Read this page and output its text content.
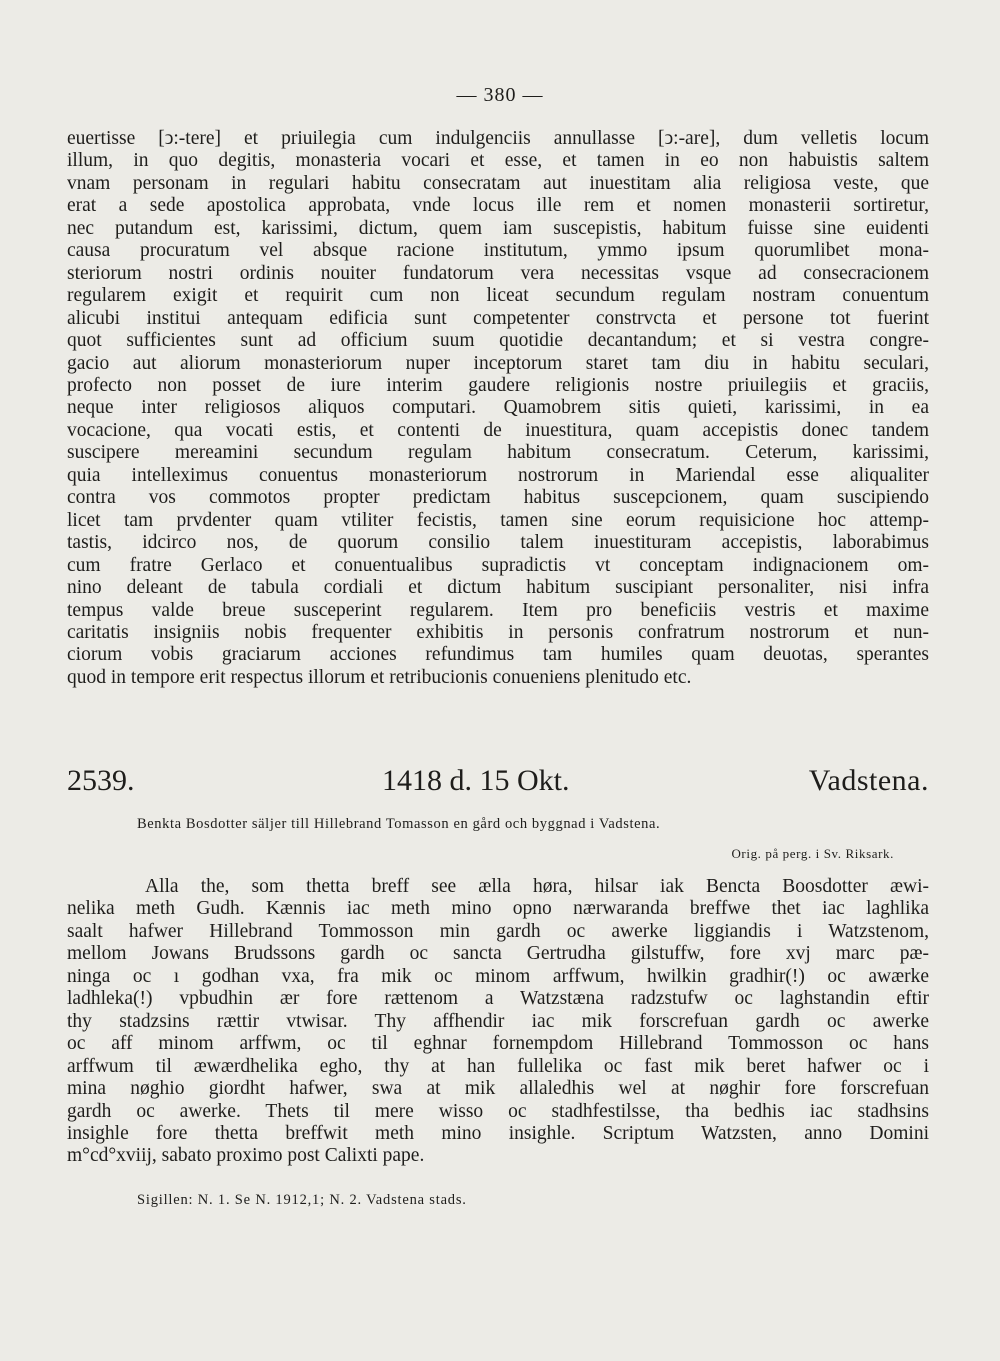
— 380 —

euertisse [ↄ:-tere] et priuilegia cum indulgenciis annullasse [ↄ:-are], dum velletis locum
illum, in quo degitis, monasteria vocari et esse, et tamen in eo non habuistis saltem
vnam personam in regulari habitu consecratam aut inuestitam alia religiosa veste, que
erat a sede apostolica approbata, vnde locus ille rem et nomen monasterii sortiretur,
nec putandum est, karissimi, dictum, quem iam suscepistis, habitum fuisse sine euidenti
causa procuratum vel absque racione institutum, ymmo ipsum quorumlibet mona-
steriorum nostri ordinis nouiter fundatorum vera necessitas vsque ad consecracionem
regularem exigit et requirit cum non liceat secundum regulam nostram conuentum
alicubi institui antequam edificia sunt competenter constrvcta et persone tot fuerint
quot sufficientes sunt ad officium suum quotidie decantandum; et si vestra congre-
gacio aut aliorum monasteriorum nuper inceptorum staret tam diu in habitu seculari,
profecto non posset de iure interim gaudere religionis nostre priuilegiis et graciis,
neque inter religiosos aliquos computari. Quamobrem sitis quieti, karissimi, in ea
vocacione, qua vocati estis, et contenti de inuestitura, quam accepistis donec tandem
suscipere mereamini secundum regulam habitum consecratum. Ceterum, karissimi,
quia intelleximus conuentus monasteriorum nostrorum in Mariendal esse aliqualiter
contra vos commotos propter predictam habitus suscepcionem, quam suscipiendo
licet tam prvdenter quam vtiliter fecistis, tamen sine eorum requisicione hoc attemp-
tastis, idcirco nos, de quorum consilio talem inuestituram accepistis, laborabimus
cum fratre Gerlaco et conuentualibus supradictis vt conceptam indignacionem om-
nino deleant de tabula cordiali et dictum habitum suscipiant personaliter, nisi infra
tempus valde breue susceperint regularem. Item pro beneficiis vestris et maxime
caritatis insigniis nobis frequenter exhibitis in personis confratrum nostrorum et nun-
ciorum vobis graciarum acciones refundimus tam humiles quam deuotas, sperantes
quod in tempore erit respectus illorum et retribucionis conueniens plenitudo etc.

2539.	1418 d. 15 Okt.	Vadstena.
Benkta Bosdotter säljer till Hillebrand Tomasson en gård och byggnad i Vadstena.
Orig. på perg. i Sv. Riksark.

Alla the, som thetta breff see ælla høra, hilsar iak Bencta Boosdotter æwi-
nelika meth Gudh. Kænnis iac meth mino opno nærwaranda breffwe thet iac laghlika
saalt hafwer Hillebrand Tommosson min gardh oc awerke liggiandis i Watzstenom,
mellom Jowans Brudssons gardh oc sancta Gertrudha gilstuffw, fore xvj marc pæ-
ninga oc ı godhan vxa, fra mik oc minom arffwum, hwilkin gradhir(!) oc awærke
ladhleka(!) vpbudhin ær fore rættenom a Watzstæna radzstufw oc laghstandin eftir
thy stadzsins rættir vtwisar. Thy affhendir iac mik forscrefuan gardh oc awerke
oc aff minom arffwm, oc til eghnar fornempdom Hillebrand Tommosson oc hans
arffwum til æwærdhelika egho, thy at han fullelika oc fast mik beret hafwer oc i
mina nøghio giordht hafwer, swa at mik allaledhis wel at nøghir fore forscrefuan
gardh oc awerke. Thets til mere wisso oc stadhfestilsse, tha bedhis iac stadhsins
insighle fore thetta breffwit meth mino insighle. Scriptum Watzsten, anno Domini
m°cd°xviij, sabato proximo post Calixti pape.

Sigillen: N. 1. Se N. 1912,1; N. 2. Vadstena stads.
